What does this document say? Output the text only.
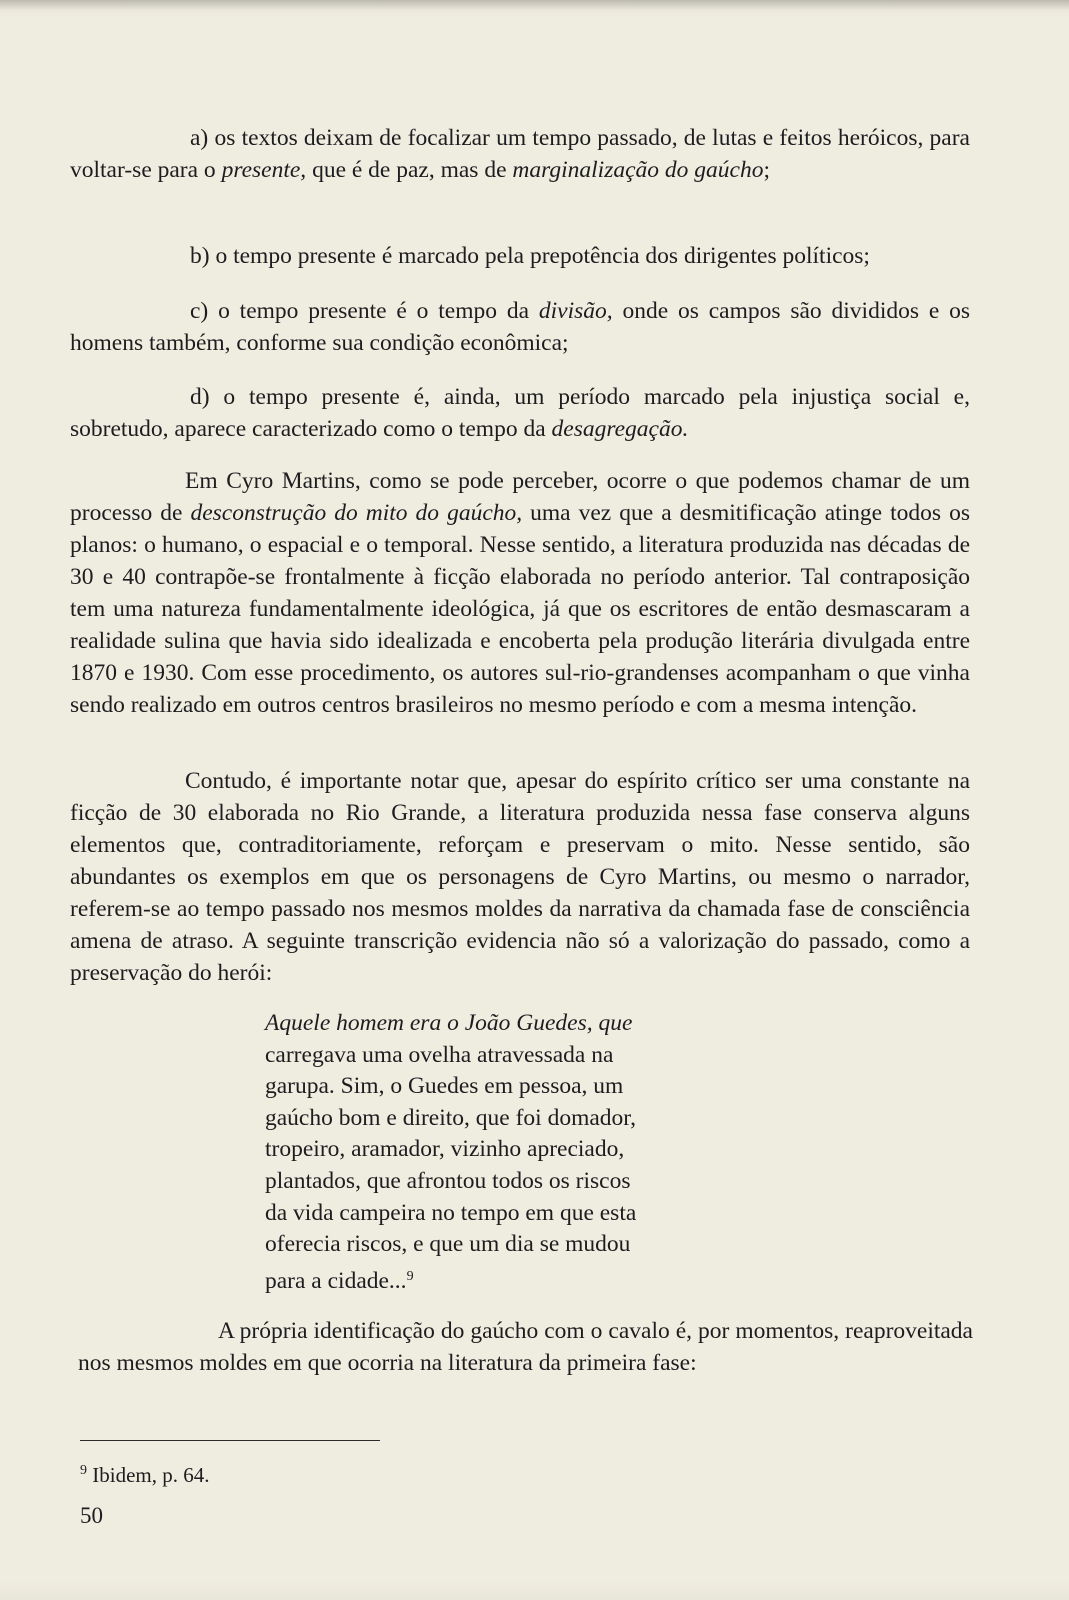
a) os textos deixam de focalizar um tempo passado, de lutas e feitos heróicos, para voltar-se para o presente, que é de paz, mas de marginalização do gaúcho;

b) o tempo presente é marcado pela prepotência dos dirigentes políticos;

c) o tempo presente é o tempo da divisão, onde os campos são divididos e os homens também, conforme sua condição econômica;

d) o tempo presente é, ainda, um período marcado pela injustiça social e, sobretudo, aparece caracterizado como o tempo da desagregação.

Em Cyro Martins, como se pode perceber, ocorre o que podemos chamar de um processo de desconstrução do mito do gaúcho, uma vez que a desmitificação atinge todos os planos: o humano, o espacial e o temporal. Nesse sentido, a literatura produzida nas décadas de 30 e 40 contrapõe-se frontalmente à ficção elaborada no período anterior. Tal contraposição tem uma natureza fundamentalmente ideológica, já que os escritores de então desmascaram a realidade sulina que havia sido idealizada e encoberta pela produção literária divulgada entre 1870 e 1930. Com esse procedimento, os autores sul-rio-grandenses acompanham o que vinha sendo realizado em outros centros brasileiros no mesmo período e com a mesma intenção.

Contudo, é importante notar que, apesar do espírito crítico ser uma constante na ficção de 30 elaborada no Rio Grande, a literatura produzida nessa fase conserva alguns elementos que, contraditoriamente, reforçam e preservam o mito. Nesse sentido, são abundantes os exemplos em que os personagens de Cyro Martins, ou mesmo o narrador, referem-se ao tempo passado nos mesmos moldes da narrativa da chamada fase de consciência amena de atraso. A seguinte transcrição evidencia não só a valorização do passado, como a preservação do herói:

Aquele homem era o João Guedes, que
carregava uma ovelha atravessada na
garupa. Sim, o Guedes em pessoa, um
gaúcho bom e direito, que foi domador,
tropeiro, aramador, vizinho apreciado,
plantados, que afrontou todos os riscos
da vida campeira no tempo em que esta
oferecia riscos, e que um dia se mudou
para a cidade...$^9$

A própria identificação do gaúcho com o cavalo é, por momentos, reaproveitada nos mesmos moldes em que ocorria na literatura da primeira fase:

$^9$ Ibidem, p. 64.
50
